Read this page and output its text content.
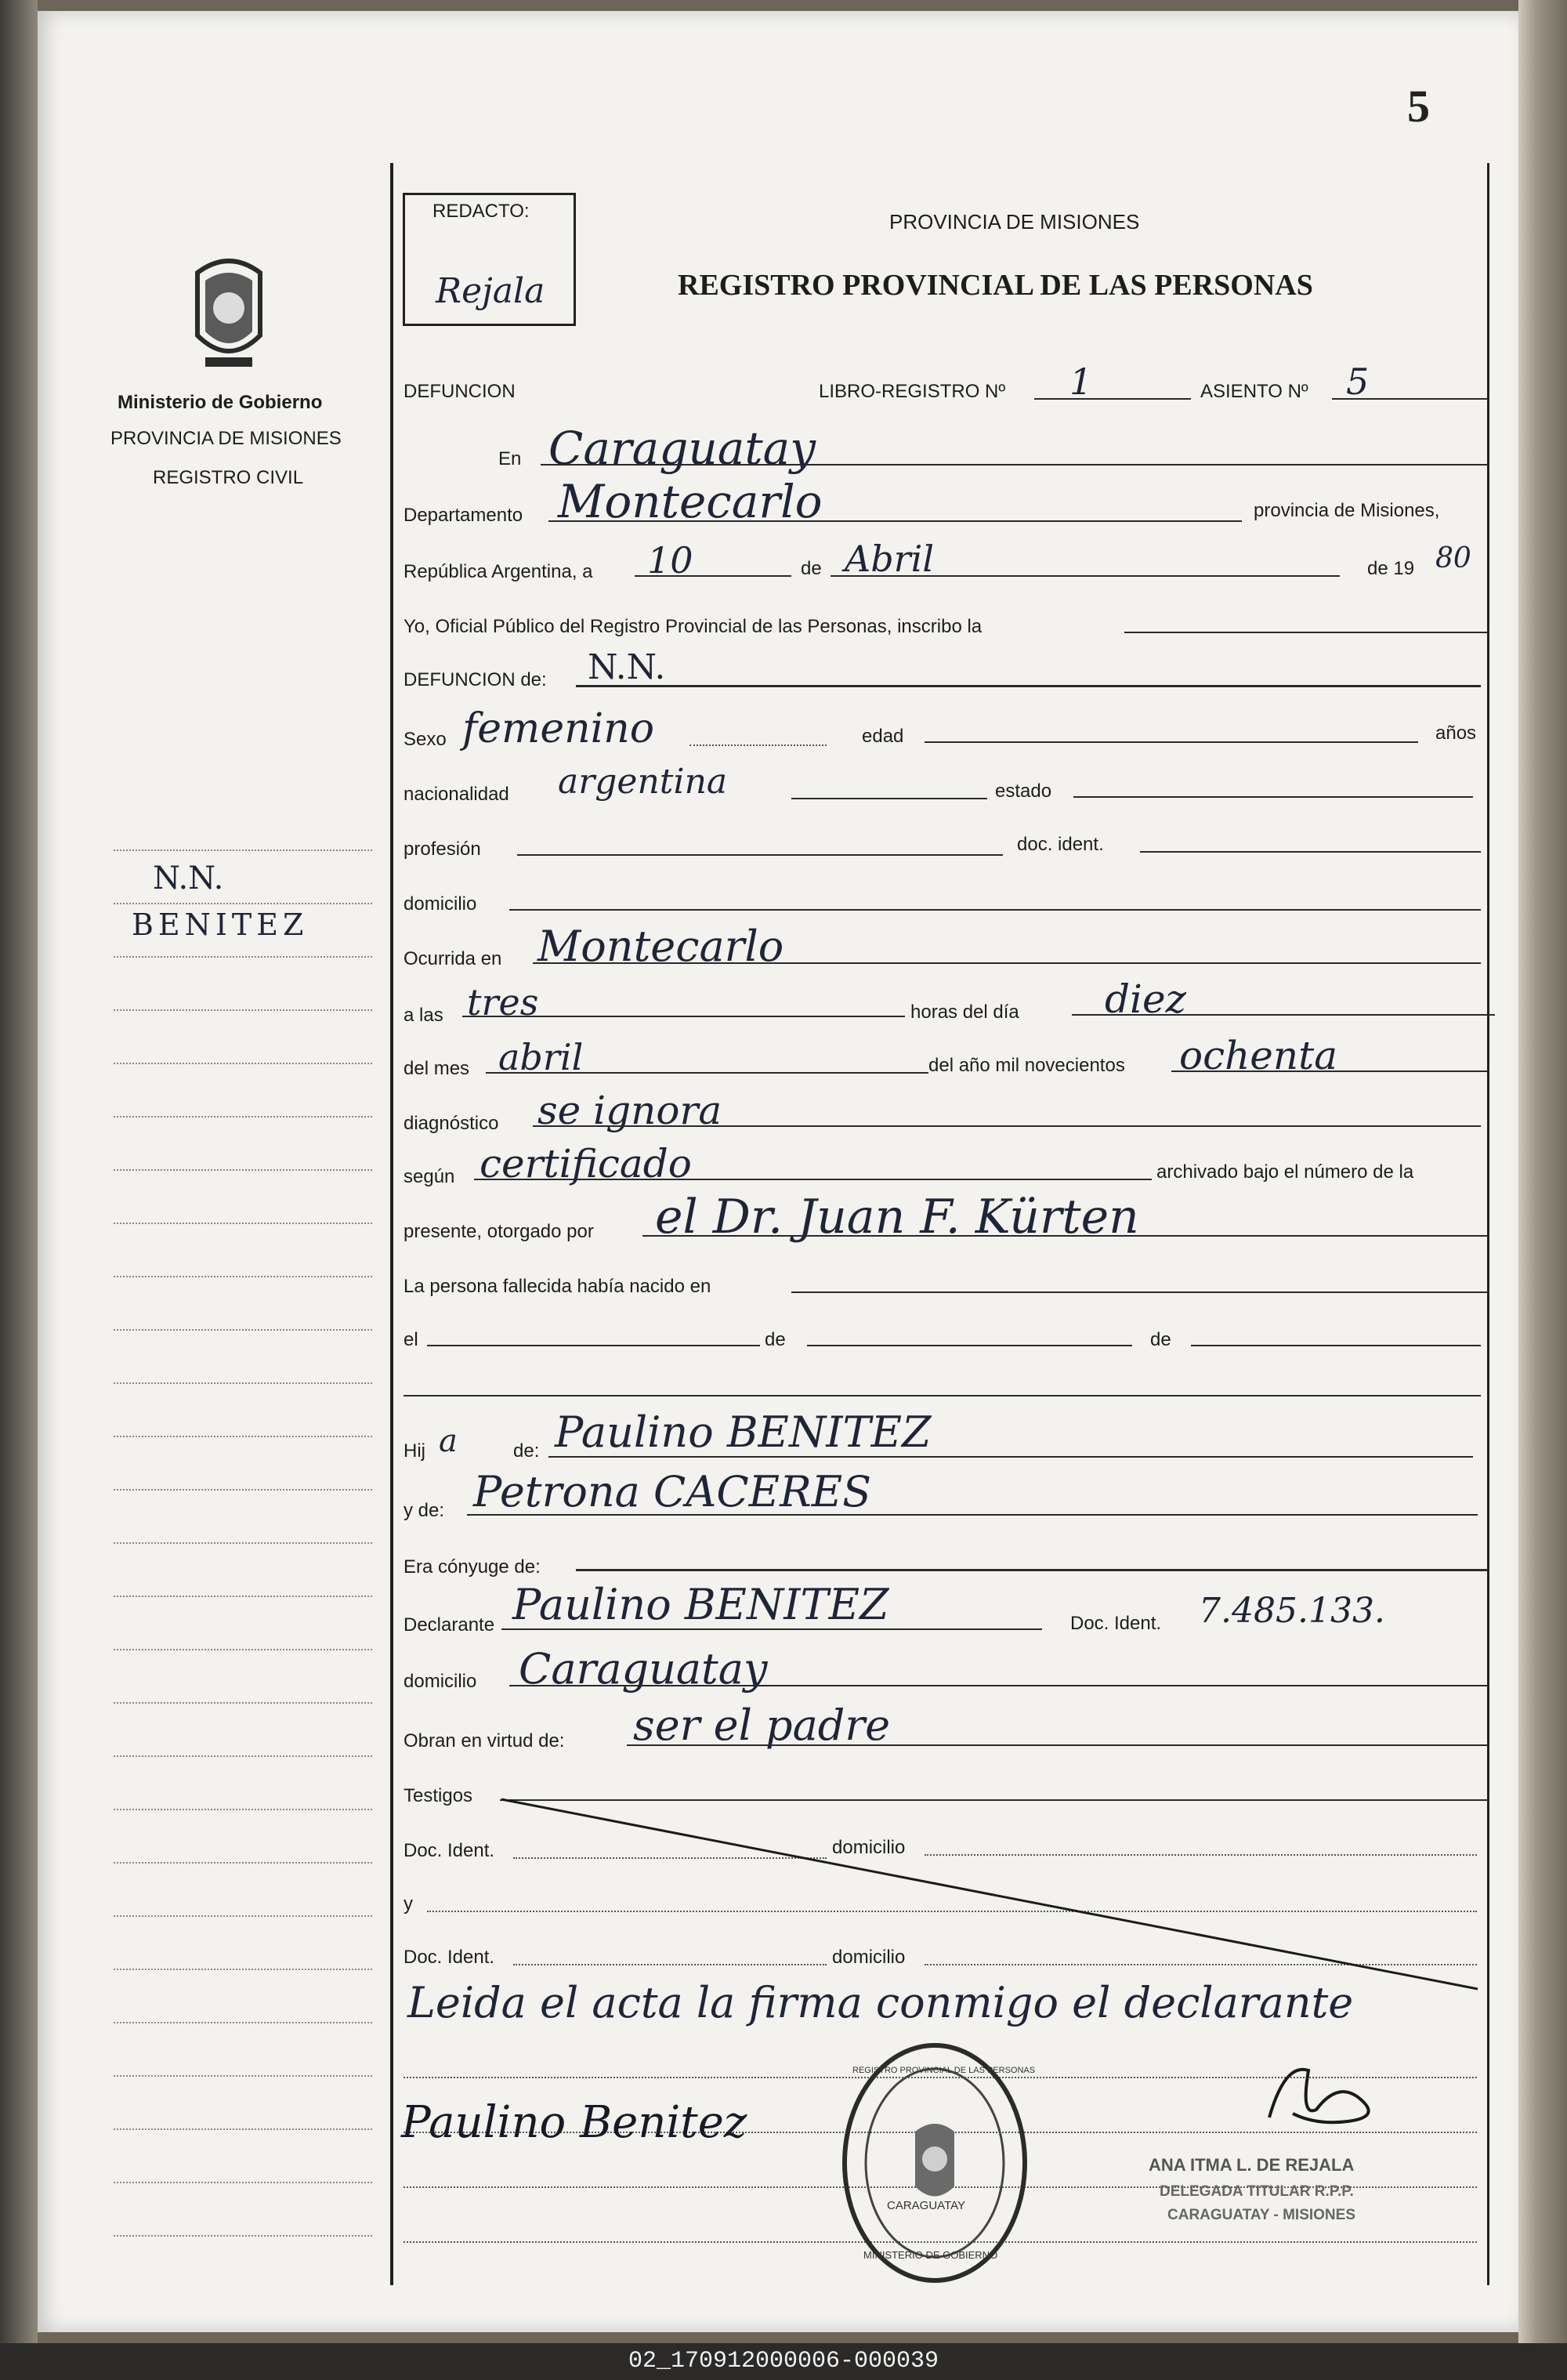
5
Ministerio de Gobierno
PROVINCIA DE MISIONES
REGISTRO CIVIL
N.N.
BENITEZ
REDACTO:
Rejala
PROVINCIA DE MISIONES
REGISTRO PROVINCIAL DE LAS PERSONAS
DEFUNCION	LIBRO-REGISTRO Nº 1	ASIENTO Nº 5
En Caraguatay
Departamento Montecarlo	provincia de Misiones,
República Argentina, a 10	de Abril	de 19 80
Yo, Oficial Público del Registro Provincial de las Personas, inscribo la
DEFUNCION de: N.N.
Sexo femenino	edad	años
nacionalidad argentina	estado
profesión	doc. ident.
domicilio
Ocurrida en Montecarlo
a las tres	horas del día diez
del mes abril	del año mil novecientos ochenta
diagnóstico se ignora
según certificado	archivado bajo el número de la
presente, otorgado por el Dr. Juan F. Kürten
La persona fallecida había nacido en
el	de	de
Hij a	de: Paulino BENITEZ
y de: Petrona CACERES
Era cónyuge de:
Declarante Paulino BENITEZ	Doc. Ident. 7.485.133.
domicilio Caraguatay
Obran en virtud de: ser el padre
Testigos
Doc. Ident.	domicilio
y
Doc. Ident.	domicilio
Leida el acta la firma conmigo el declarante
Paulino Benitez
REGISTRO PROVINCIAL DE LAS PERSONAS
CARAGUATAY
MINISTERIO DE GOBIERNO
ANA ITMA L. DE REJALA
DELEGADA TITULAR R.P.P.
CARAGUATAY - MISIONES
02_170912000006-000039
